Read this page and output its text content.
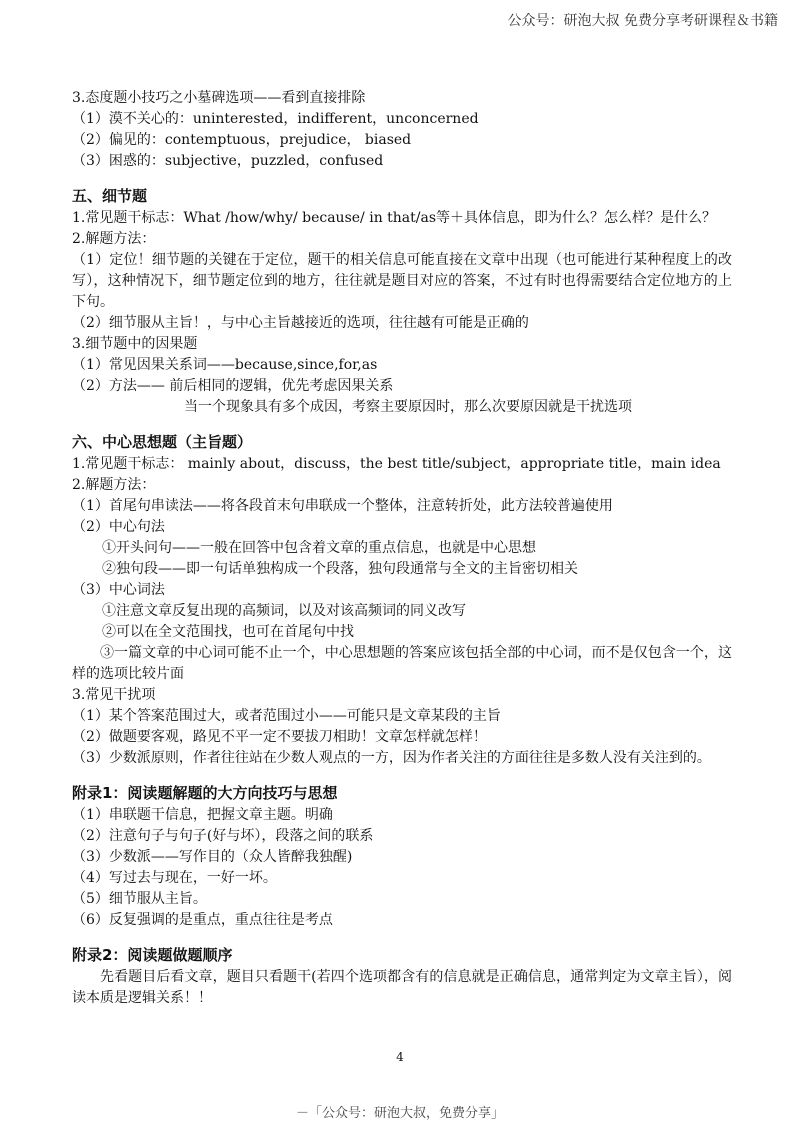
公众号：研泡大叔 免费分享考研课程＆书籍
3.态度题小技巧之小墓碑选项——看到直接排除
（1）漠不关心的：uninterested，indifferent，unconcerned
（2）偏见的：contemptuous，prejudice， biased
（3）困惑的：subjective，puzzled，confused
五、细节题
1.常见题干标志：What /how/why/ because/ in that/as等＋具体信息，即为什么？怎么样？是什么？
2.解题方法：
（1）定位！细节题的关键在于定位，题干的相关信息可能直接在文章中出现（也可能进行某种程度上的改写），这种情况下，细节题定位到的地方，往往就是题目对应的答案，不过有时也得需要结合定位地方的上下句。
（2）细节服从主旨！，与中心主旨越接近的选项，往往越有可能是正确的
3.细节题中的因果题
（1）常见因果关系词——because,since,for,as
（2）方法—— 前后相同的逻辑，优先考虑因果关系
当一个现象具有多个成因，考察主要原因时，那么次要原因就是干扰选项
六、中心思想题（主旨题）
1.常见题干标志： mainly about，discuss，the best title/subject，appropriate title，main idea
2.解题方法：
（1）首尾句串读法——将各段首末句串联成一个整体，注意转折处，此方法较普遍使用
（2）中心句法
①开头问句——一般在回答中包含着文章的重点信息，也就是中心思想
②独句段——即一句话单独构成一个段落，独句段通常与全文的主旨密切相关
（3）中心词法
①注意文章反复出现的高频词，以及对该高频词的同义改写
②可以在全文范围找，也可在首尾句中找
③一篇文章的中心词可能不止一个，中心思想题的答案应该包括全部的中心词，而不是仅包含一个，这样的选项比较片面
3.常见干扰项
（1）某个答案范围过大，或者范围过小——可能只是文章某段的主旨
（2）做题要客观，路见不平一定不要拔刀相助！文章怎样就怎样！
（3）少数派原则，作者往往站在少数人观点的一方，因为作者关注的方面往往是多数人没有关注到的。
附录1：阅读题解题的大方向技巧与思想
（1）串联题干信息，把握文章主题。明确
（2）注意句子与句子(好与坏），段落之间的联系
（3）少数派——写作目的（众人皆醉我独醒)
（4）写过去与现在，一好一坏。
（5）细节服从主旨。
（6）反复强调的是重点，重点往往是考点
附录2：阅读题做题顺序
先看题目后看文章，题目只看题干(若四个选项都含有的信息就是正确信息，通常判定为文章主旨），阅读本质是逻辑关系！！
4
－「公众号：研泡大叔，免费分享」
